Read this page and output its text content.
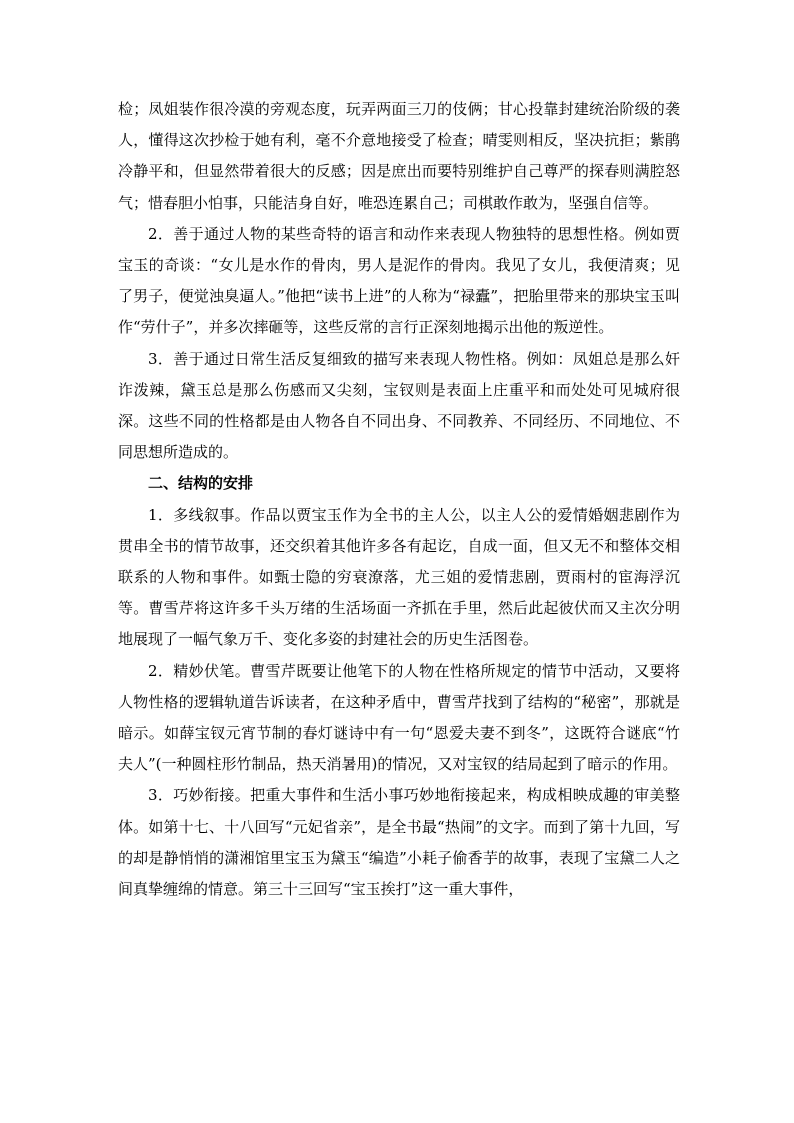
检；凤姐装作很冷漠的旁观态度，玩弄两面三刀的伎俩；甘心投靠封建统治阶级的袭人，懂得这次抄检于她有利，毫不介意地接受了检查；晴雯则相反，坚决抗拒；紫鹃冷静平和，但显然带着很大的反感；因是庶出而要特别维护自己尊严的探春则满腔怒气；惜春胆小怕事，只能洁身自好，唯恐连累自己；司棋敢作敢为，坚强自信等。

2．善于通过人物的某些奇特的语言和动作来表现人物独特的思想性格。例如贾宝玉的奇谈：“女儿是水作的骨肉，男人是泥作的骨肉。我见了女儿，我便清爽；见了男子，便觉浊臭逼人。”他把“读书上进”的人称为“禄蠹”，把胎里带来的那块宝玉叫作“劳什子”，并多次摔砸等，这些反常的言行正深刻地揭示出他的叛逆性。

3．善于通过日常生活反复细致的描写来表现人物性格。例如：凤姐总是那么奸诈泼辣，黛玉总是那么伤感而又尖刻，宝钗则是表面上庄重平和而处处可见城府很深。这些不同的性格都是由人物各自不同出身、不同教养、不同经历、不同地位、不同思想所造成的。

二、结构的安排

1．多线叙事。作品以贾宝玉作为全书的主人公，以主人公的爱情婚姻悲剧作为贯串全书的情节故事，还交织着其他许多各有起讫，自成一面，但又无不和整体交相联系的人物和事件。如甄士隐的穷衰潦落，尤三姐的爱情悲剧，贾雨村的宦海浮沉等。曹雪芹将这许多千头万绪的生活场面一齐抓在手里，然后此起彼伏而又主次分明地展现了一幅气象万千、变化多姿的封建社会的历史生活图卷。

2．精妙伏笔。曹雪芹既要让他笔下的人物在性格所规定的情节中活动，又要将人物性格的逻辑轨道告诉读者，在这种矛盾中，曹雪芹找到了结构的“秘密”，那就是暗示。如薛宝钗元宵节制的春灯谜诗中有一句“恩爱夫妻不到冬”，这既符合谜底“竹夫人”(一种圆柱形竹制品，热天消暑用)的情况，又对宝钗的结局起到了暗示的作用。

3．巧妙衔接。把重大事件和生活小事巧妙地衔接起来，构成相映成趣的审美整体。如第十七、十八回写“元妃省亲”，是全书最“热闹”的文字。而到了第十九回，写的却是静悄悄的潇湘馆里宝玉为黛玉“编造”小耗子偷香芋的故事，表现了宝黛二人之间真挚缠绵的情意。第三十三回写“宝玉挨打”这一重大事件，
